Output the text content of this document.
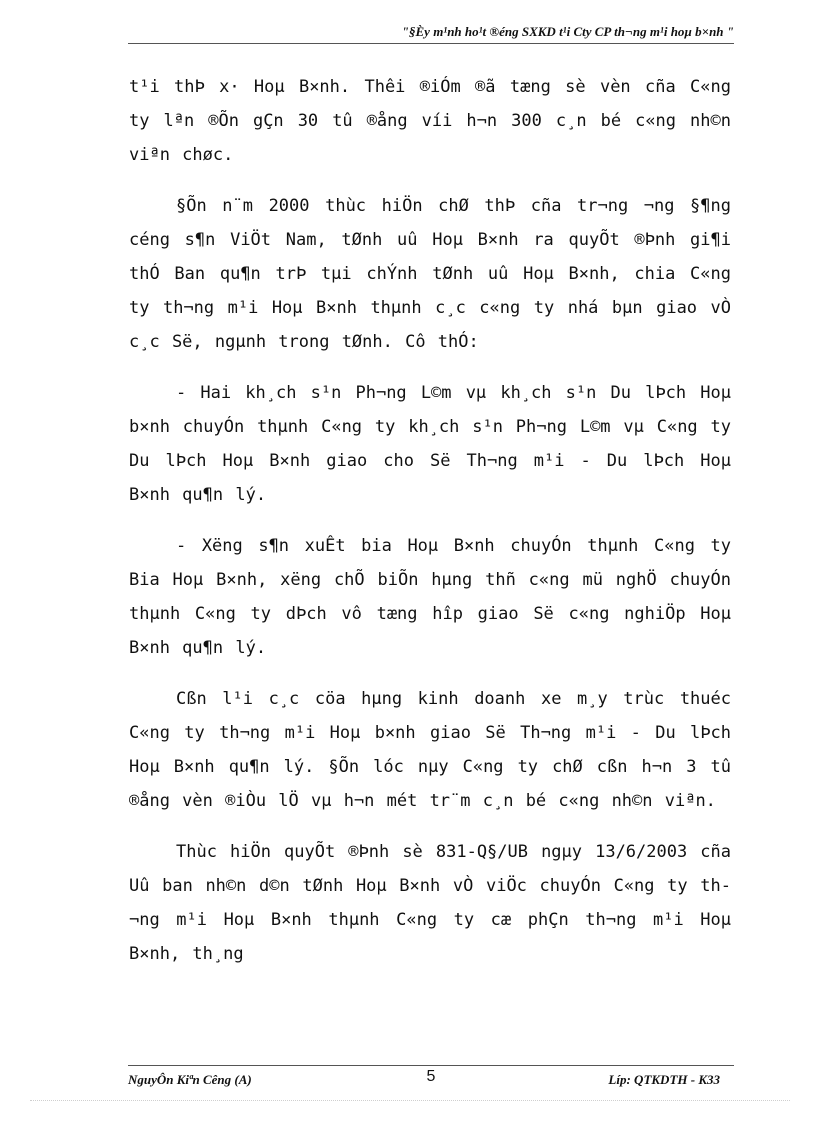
"§Èy m¹nh ho¹t ®éng SXKD t¹i Cty CP th¬ng m¹i hoµ b×nh "

t¹i thÞ x· Hoµ B×nh. Thêi ®iÓm ®ã tæng sè vèn cña C«ng ty lªn ®Õn gÇn 30 tû ®ång víi h¬n 300 c¸n bé c«ng nh©n viªn chøc.

§Õn n¨m 2000 thùc hiÖn chØ thÞ cña tr¬ng ¬ng §¶ng céng s¶n ViÖt Nam, tØnh uû Hoµ B×nh ra quyÕt ®Þnh gi¶i thÓ Ban qu¶n trÞ tµi chÝnh tØnh uû Hoµ B×nh, chia C«ng ty th¬ng m¹i Hoµ B×nh thµnh c¸c c«ng ty nhá bµn giao vÒ c¸c Së, ngµnh trong tØnh. Cô thÓ:

- Hai kh¸ch s¹n Ph¬ng L©m vµ kh¸ch s¹n Du lÞch Hoµ b×nh chuyÓn thµnh C«ng ty kh¸ch s¹n Ph¬ng L©m vµ C«ng ty Du lÞch Hoµ B×nh giao cho Së Th¬ng m¹i - Du lÞch Hoµ B×nh qu¶n lý.

- Xëng s¶n xuÊt bia Hoµ B×nh chuyÓn thµnh C«ng ty Bia Hoµ B×nh, xëng chÕ biÕn hµng thñ c«ng mü nghÖ chuyÓn thµnh C«ng ty dÞch vô tæng hîp giao Së c«ng nghiÖp Hoµ B×nh qu¶n lý.

Cßn l¹i c¸c cöa hµng kinh doanh xe m¸y trùc thuéc C«ng ty th¬ng m¹i Hoµ b×nh giao Së Th¬ng m¹i - Du lÞch Hoµ B×nh qu¶n lý. §Õn lóc nµy C«ng ty chØ cßn h¬n 3 tû ®ång vèn ®iÒu lÖ vµ h¬n mét tr¨m c¸n bé c«ng nh©n viªn.

Thùc hiÖn quyÕt ®Þnh sè 831-Q§/UB ngµy 13/6/2003 cña Uû ban nh©n d©n tØnh Hoµ B×nh vÒ viÖc chuyÓn C«ng ty th¬ng m¹i Hoµ B×nh thµnh C«ng ty cæ phÇn th¬ng m¹i Hoµ B×nh, th¸ng

NguyÔn Kiªn Cêng (A)	5	Líp: QTKDTH - K33
